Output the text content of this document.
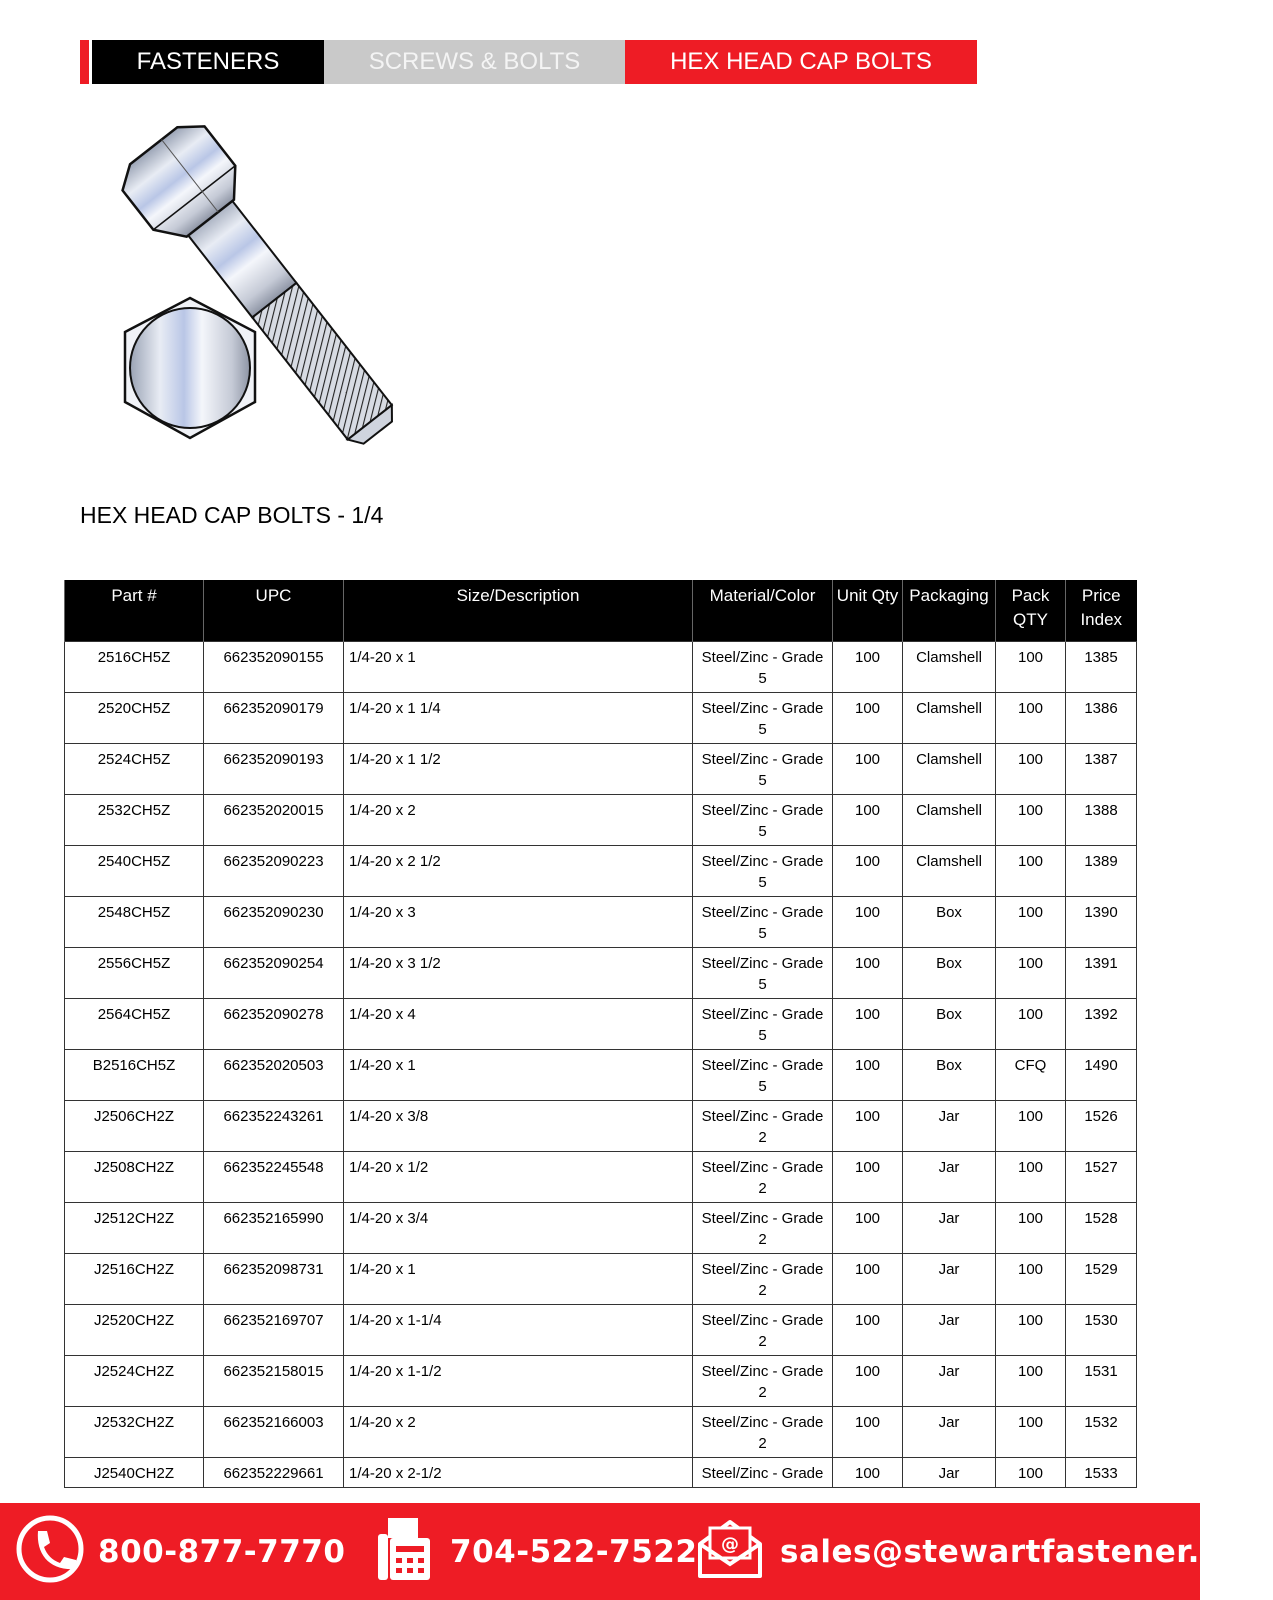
FASTENERS	SCREWS & BOLTS	HEX HEAD CAP BOLTS
HEX HEAD CAP BOLTS - 1/4
Part #	UPC	Size/Description	Material/Color	Unit Qty	Packaging	Pack QTY	Price Index
2516CH5Z	662352090155	1/4-20 x 1	Steel/Zinc - Grade 5	100	Clamshell	100	1385
2520CH5Z	662352090179	1/4-20 x 1 1/4	Steel/Zinc - Grade 5	100	Clamshell	100	1386
2524CH5Z	662352090193	1/4-20 x 1 1/2	Steel/Zinc - Grade 5	100	Clamshell	100	1387
2532CH5Z	662352020015	1/4-20 x 2	Steel/Zinc - Grade 5	100	Clamshell	100	1388
2540CH5Z	662352090223	1/4-20 x 2 1/2	Steel/Zinc - Grade 5	100	Clamshell	100	1389
2548CH5Z	662352090230	1/4-20 x 3	Steel/Zinc - Grade 5	100	Box	100	1390
2556CH5Z	662352090254	1/4-20 x 3 1/2	Steel/Zinc - Grade 5	100	Box	100	1391
2564CH5Z	662352090278	1/4-20 x 4	Steel/Zinc - Grade 5	100	Box	100	1392
B2516CH5Z	662352020503	1/4-20 x 1	Steel/Zinc - Grade 5	100	Box	CFQ	1490
J2506CH2Z	662352243261	1/4-20 x 3/8	Steel/Zinc - Grade 2	100	Jar	100	1526
J2508CH2Z	662352245548	1/4-20 x 1/2	Steel/Zinc - Grade 2	100	Jar	100	1527
J2512CH2Z	662352165990	1/4-20 x 3/4	Steel/Zinc - Grade 2	100	Jar	100	1528
J2516CH2Z	662352098731	1/4-20 x 1	Steel/Zinc - Grade 2	100	Jar	100	1529
J2520CH2Z	662352169707	1/4-20 x 1-1/4	Steel/Zinc - Grade 2	100	Jar	100	1530
J2524CH2Z	662352158015	1/4-20 x 1-1/2	Steel/Zinc - Grade 2	100	Jar	100	1531
J2532CH2Z	662352166003	1/4-20 x 2	Steel/Zinc - Grade 2	100	Jar	100	1532
J2540CH2Z	662352229661	1/4-20 x 2-1/2	Steel/Zinc - Grade	100	Jar	100	1533
800-877-7770	704-522-7522 @ sales@stewartfastener.com
